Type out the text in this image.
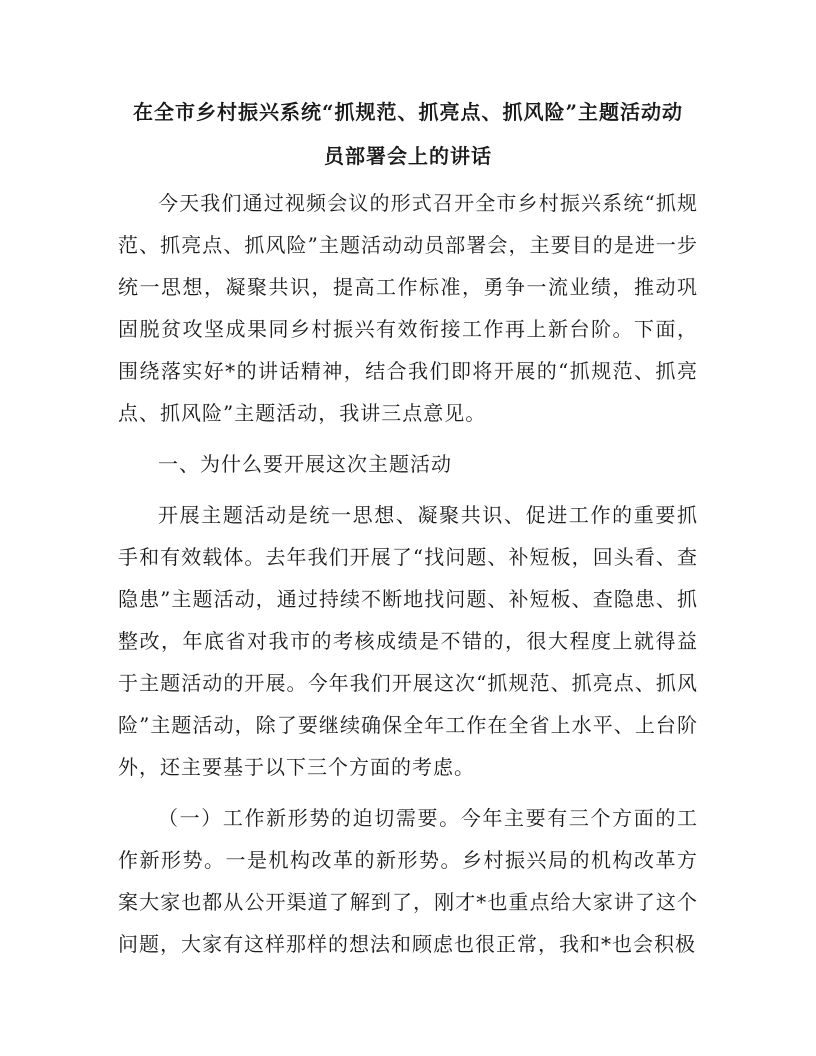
在全市乡村振兴系统“抓规范、抓亮点、抓风险”主题活动动
员部署会上的讲话

今天我们通过视频会议的形式召开全市乡村振兴系统“抓规范、抓亮点、抓风险”主题活动动员部署会，主要目的是进一步统一思想，凝聚共识，提高工作标准，勇争一流业绩，推动巩固脱贫攻坚成果同乡村振兴有效衔接工作再上新台阶。下面，围绕落实好*的讲话精神，结合我们即将开展的“抓规范、抓亮点、抓风险”主题活动，我讲三点意见。

一、为什么要开展这次主题活动

开展主题活动是统一思想、凝聚共识、促进工作的重要抓手和有效载体。去年我们开展了“找问题、补短板，回头看、查隐患”主题活动，通过持续不断地找问题、补短板、查隐患、抓整改，年底省对我市的考核成绩是不错的，很大程度上就得益于主题活动的开展。今年我们开展这次“抓规范、抓亮点、抓风险”主题活动，除了要继续确保全年工作在全省上水平、上台阶外，还主要基于以下三个方面的考虑。

（一）工作新形势的迫切需要。今年主要有三个方面的工作新形势。一是机构改革的新形势。乡村振兴局的机构改革方案大家也都从公开渠道了解到了，刚才*也重点给大家讲了这个问题，大家有这样那样的想法和顾虑也很正常，我和*也会积极
